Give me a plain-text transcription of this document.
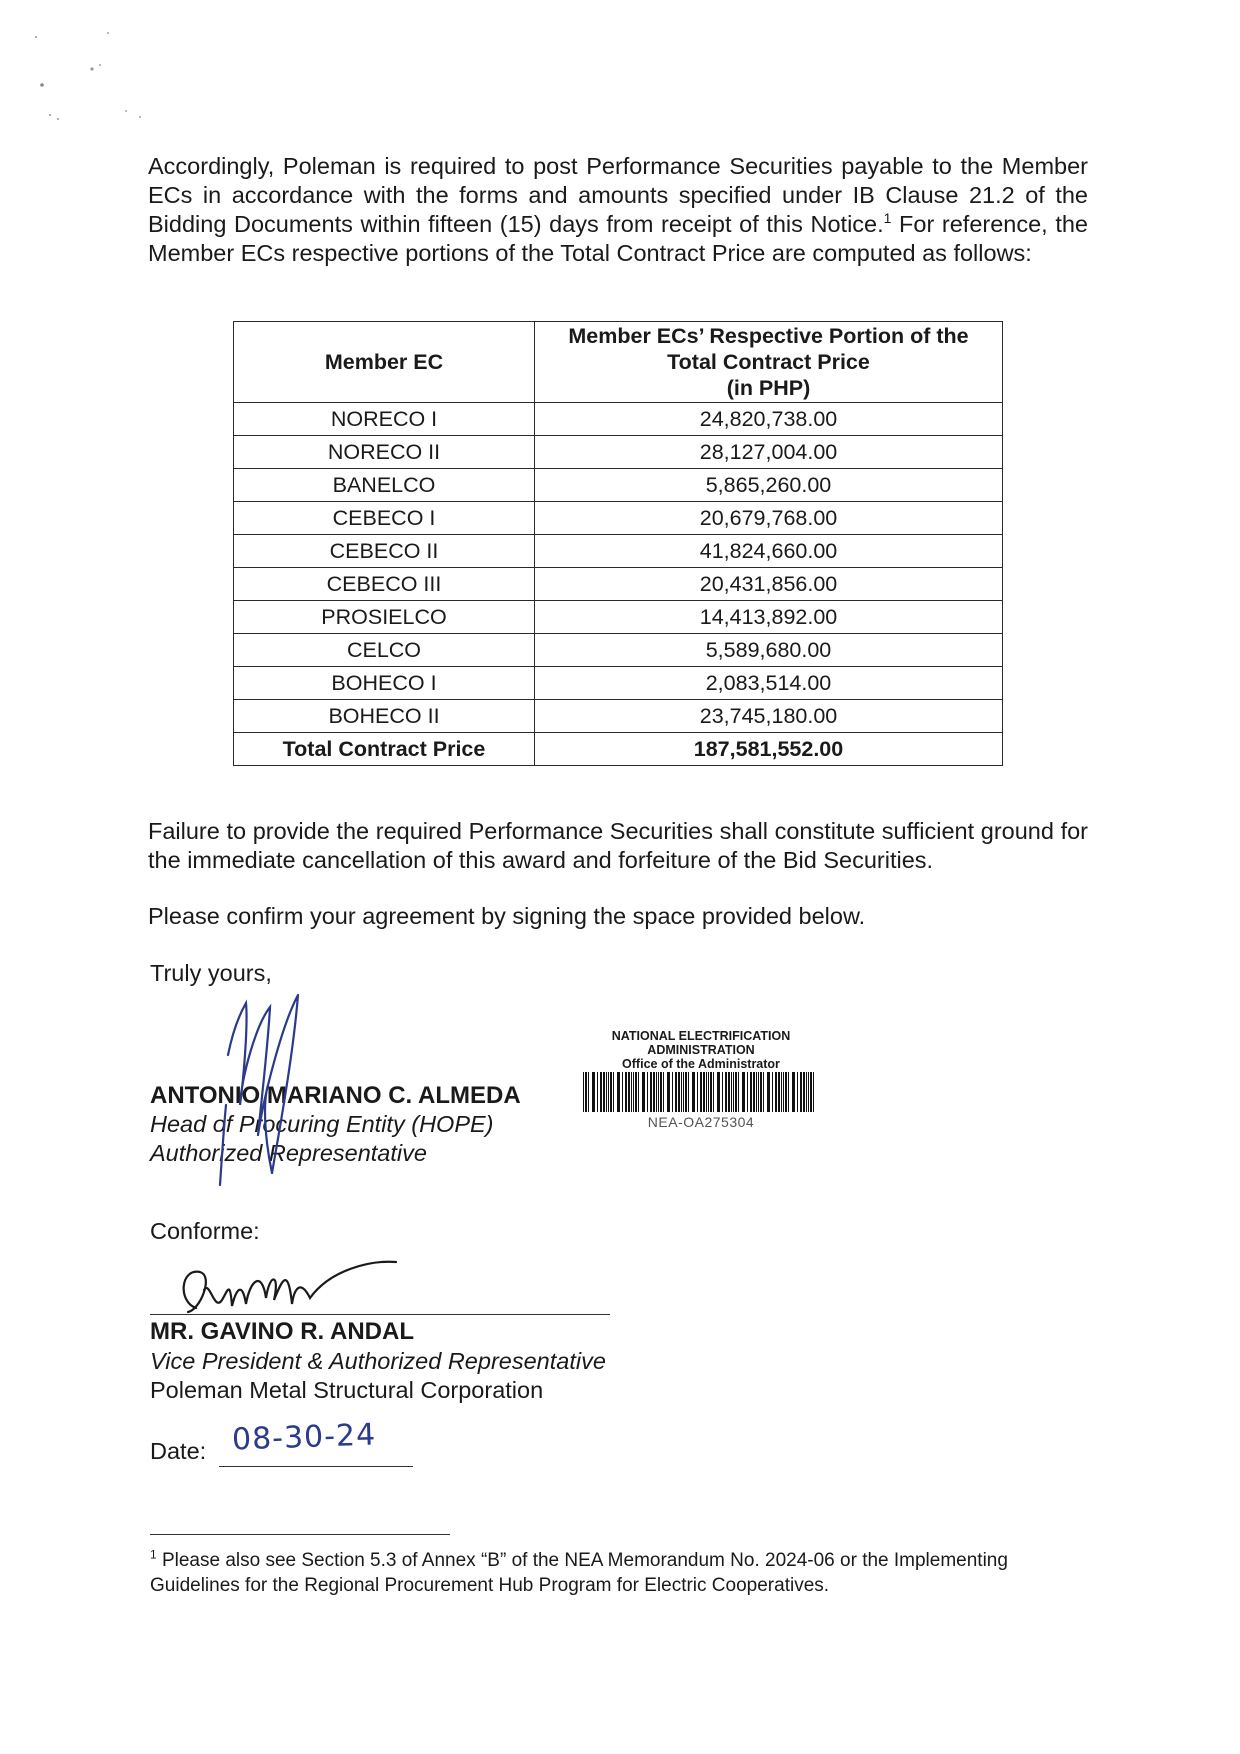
Accordingly, Poleman is required to post Performance Securities payable to the Member ECs in accordance with the forms and amounts specified under IB Clause 21.2 of the Bidding Documents within fifteen (15) days from receipt of this Notice.$^1$ For reference, the Member ECs respective portions of the Total Contract Price are computed as follows:

Member EC	Member ECs’ Respective Portion of the
Total Contract Price
(in PHP)
NORECO I	24,820,738.00
NORECO II	28,127,004.00
BANELCO	5,865,260.00
CEBECO I	20,679,768.00
CEBECO II	41,824,660.00
CEBECO III	20,431,856.00
PROSIELCO	14,413,892.00
CELCO	5,589,680.00
BOHECO I	2,083,514.00
BOHECO II	23,745,180.00
Total Contract Price	187,581,552.00

Failure to provide the required Performance Securities shall constitute sufficient ground for the immediate cancellation of this award and forfeiture of the Bid Securities.

Please confirm your agreement by signing the space provided below.

Truly yours,
ANTONIO MARIANO C. ALMEDA
Head of Procuring Entity (HOPE)
Authorized Representative
NATIONAL ELECTRIFICATION
ADMINISTRATION
Office of the Administrator
NEA-OA275304
Conforme:
MR. GAVINO R. ANDAL
Vice President & Authorized Representative
Poleman Metal Structural Corporation
Date: 08-30-24

$^1$ Please also see Section 5.3 of Annex “B” of the NEA Memorandum No. 2024-06 or the Implementing Guidelines for the Regional Procurement Hub Program for Electric Cooperatives.
